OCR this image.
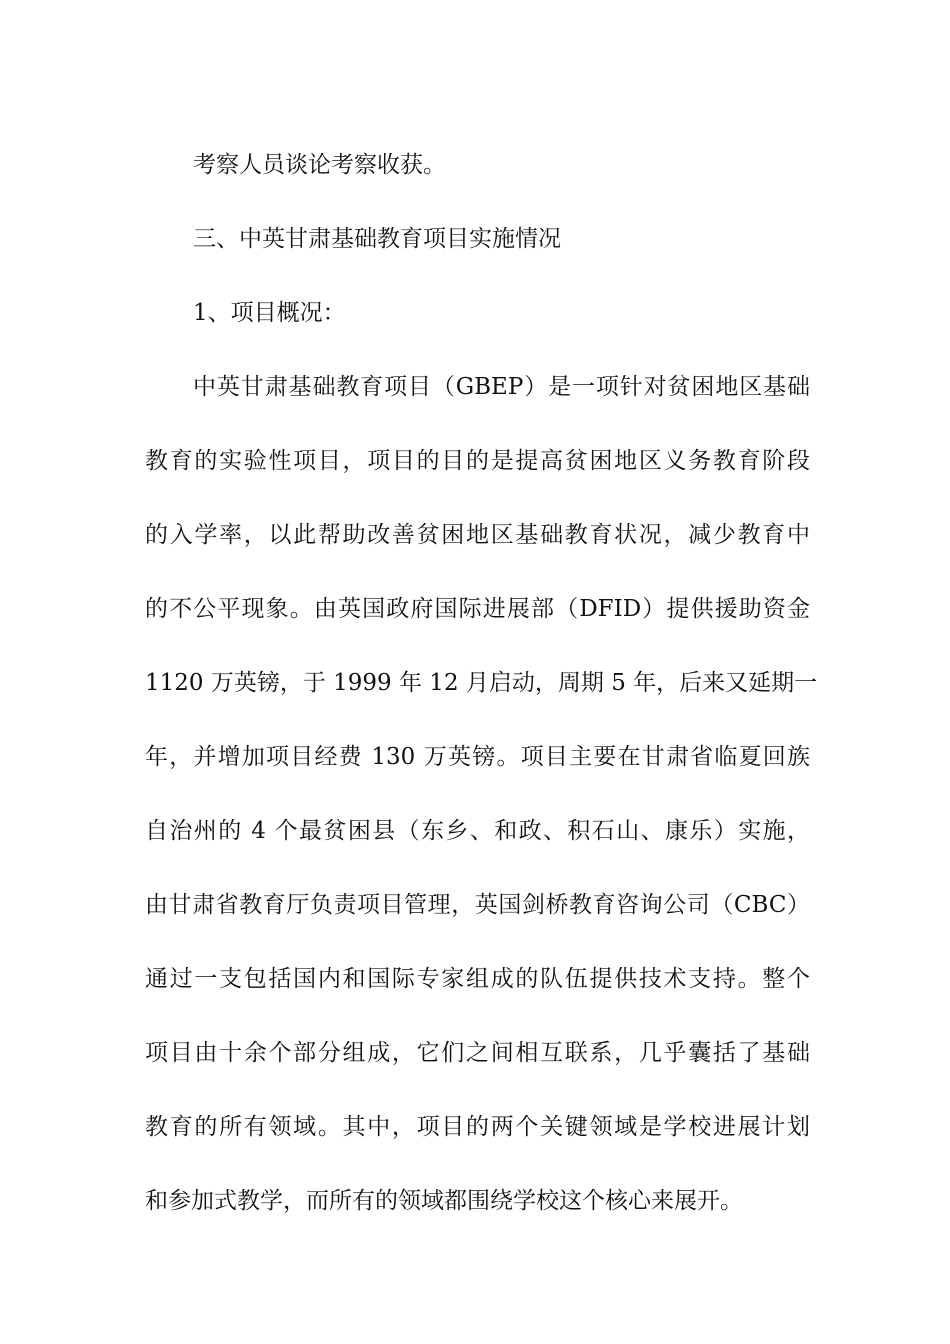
考察人员谈论考察收获。
三、中英甘肃基础教育项目实施情况
1、项目概况：
中英甘肃基础教育项目（GBEP）是一项针对贫困地区基础
教育的实验性项目，项目的目的是提高贫困地区义务教育阶段
的入学率，以此帮助改善贫困地区基础教育状况，减少教育中
的不公平现象。由英国政府国际进展部（DFID）提供援助资金
1120 万英镑，于 1999 年 12 月启动，周期 5 年，后来又延期一
年，并增加项目经费 130 万英镑。项目主要在甘肃省临夏回族
自治州的 4 个最贫困县（东乡、和政、积石山、康乐）实施，
由甘肃省教育厅负责项目管理，英国剑桥教育咨询公司（CBC）
通过一支包括国内和国际专家组成的队伍提供技术支持。整个
项目由十余个部分组成，它们之间相互联系，几乎囊括了基础
教育的所有领域。其中，项目的两个关键领域是学校进展计划
和参加式教学，而所有的领域都围绕学校这个核心来展开。
